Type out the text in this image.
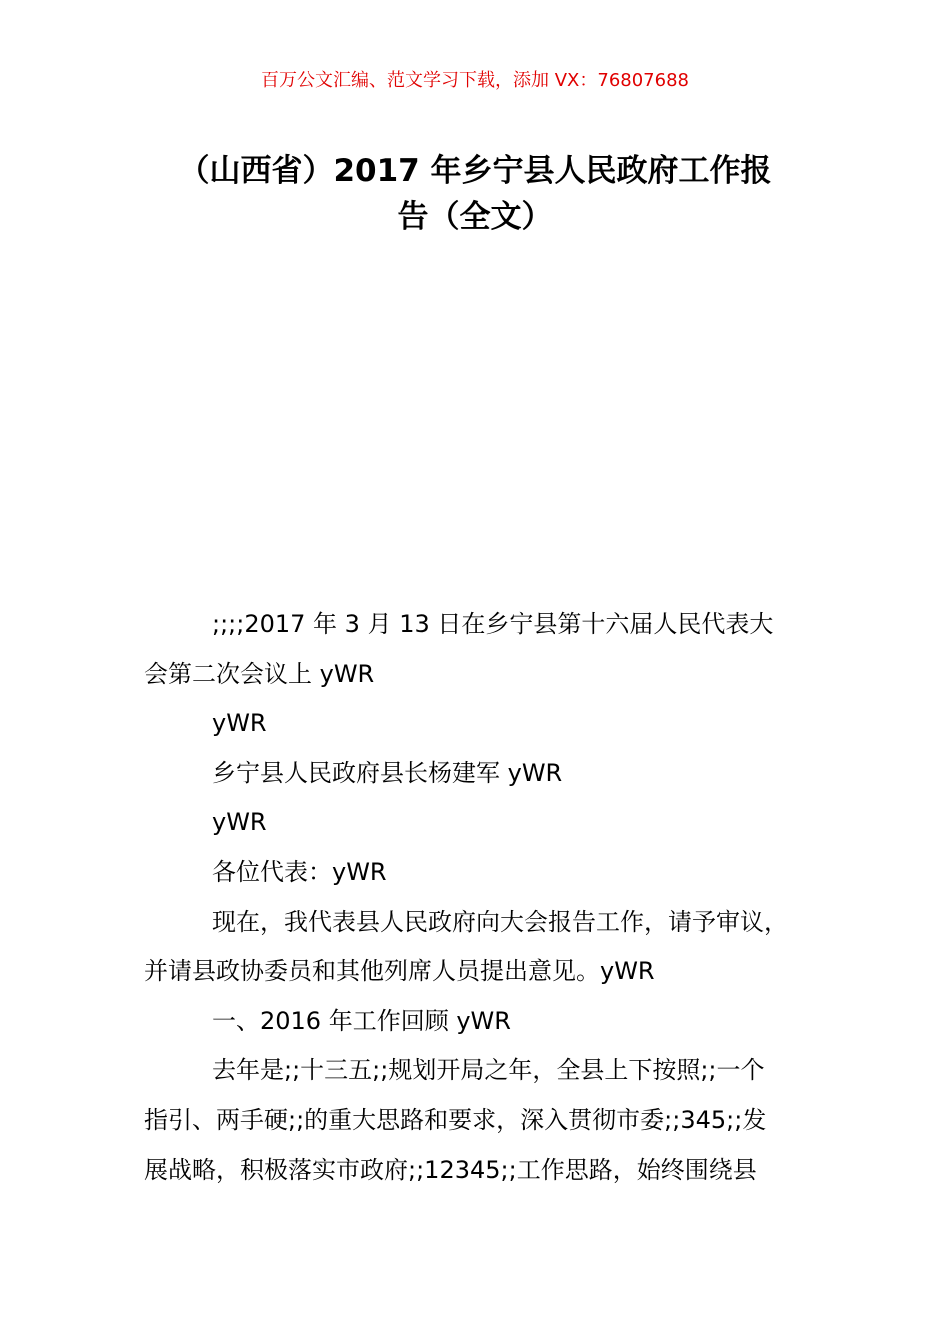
百万公文汇编、范文学习下载，添加 VX：76807688
（山西省）2017 年乡宁县人民政府工作报
告（全文）

;;;;2017 年 3 月 13 日在乡宁县第十六届人民代表大

会第二次会议上 yWR

yWR

乡宁县人民政府县长杨建军 yWR

yWR

各位代表：yWR

现在，我代表县人民政府向大会报告工作，请予审议，

并请县政协委员和其他列席人员提出意见。yWR

一、2016 年工作回顾 yWR

去年是;;十三五;;规划开局之年，全县上下按照;;一个

指引、两手硬;;的重大思路和要求，深入贯彻市委;;345;;发

展战略，积极落实市政府;;12345;;工作思路，始终围绕县
